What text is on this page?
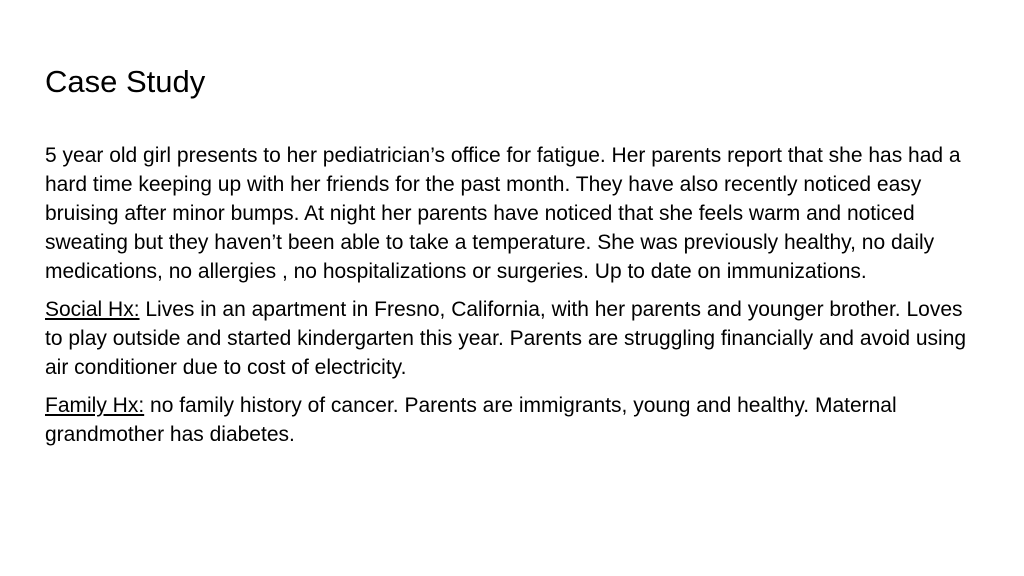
Case Study

5 year old girl presents to her pediatrician’s office for fatigue. Her parents report that she has had a hard time keeping up with her friends for the past month. They have also recently noticed easy bruising after minor bumps. At night her parents have noticed that she feels warm and noticed sweating but they haven’t been able to take a temperature. She was previously healthy, no daily medications, no allergies , no hospitalizations or surgeries. Up to date on immunizations.

Social Hx: Lives in an apartment in Fresno, California, with her parents and younger brother. Loves to play outside and started kindergarten this year. Parents are struggling financially and avoid using air conditioner due to cost of electricity.

Family Hx: no family history of cancer. Parents are immigrants, young and healthy. Maternal grandmother has diabetes.
